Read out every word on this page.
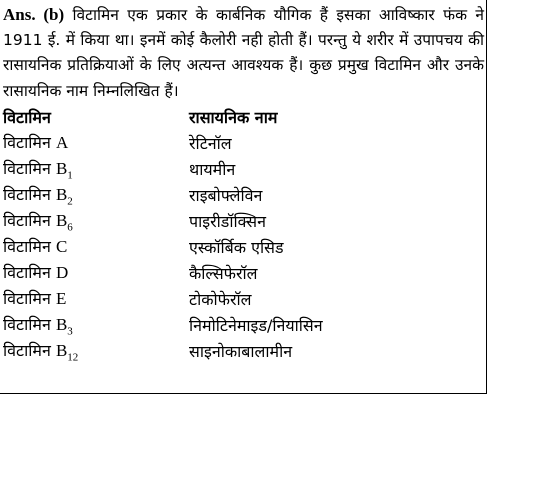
Ans. (b) विटामिन एक प्रकार के कार्बनिक यौगिक हैं इसका आविष्कार फंक ने 1911 ई. में किया था। इनमें कोई कैलोरी नही होती हैं। परन्तु ये शरीर में उपापचय की रासायनिक प्रतिक्रियाओं के लिए अत्यन्त आवश्यक हैं। कुछ प्रमुख विटामिन और उनके रासायनिक नाम निम्नलिखित हैं।

विटामिन	रासायनिक नाम
विटामिन A	रेटिनॉल
विटामिन $B_1$	थायमीन
विटामिन $B_2$	राइबोफ्लेविन
विटामिन $B_6$	पाइरीडॉक्सिन
विटामिन C	एस्कॉर्बिक एसिड
विटामिन D	कैल्सिफेरॉल
विटामिन E	टोकोफेरॉल
विटामिन $B_3$	निमोटिनेमाइड/नियासिन
विटामिन $B_{12}$	साइनोकाबालामीन
